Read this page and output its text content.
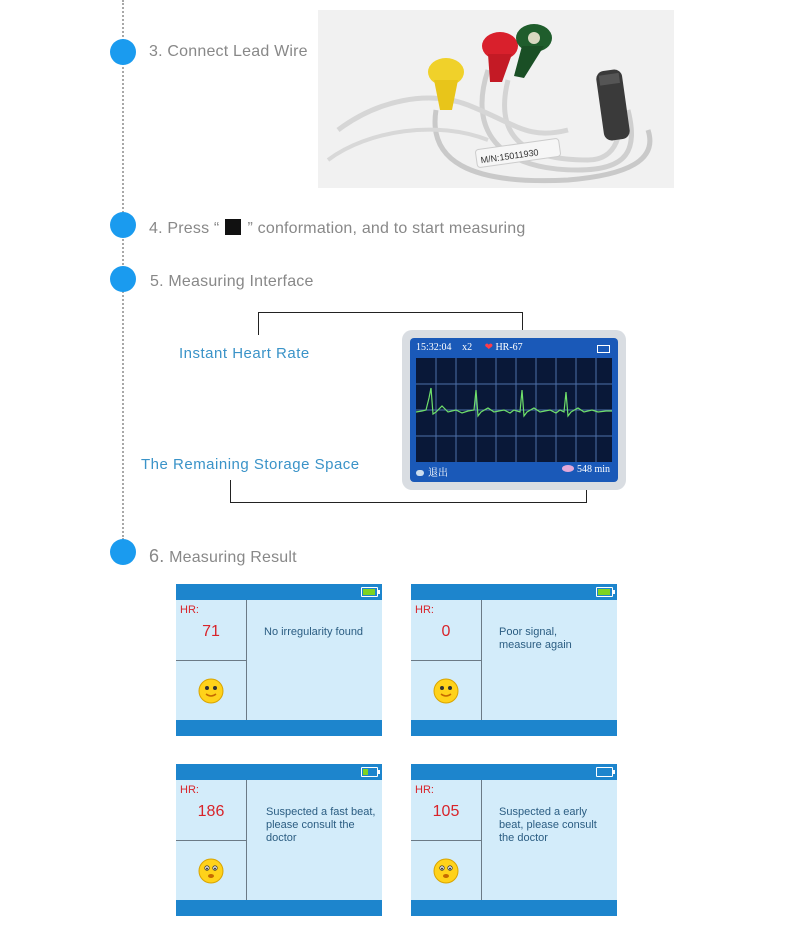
3. Connect Lead Wire
M/N:15011930
4. Press “ ” conformation, and to start measuring
5. Measuring Interface
Instant Heart Rate
The Remaining Storage Space
15:32:04 x2 ❤ HR-67
退出	548 min
6. Measuring Result
HR:
71	No irregularity found
HR:
0	Poor signal, measure again
HR:
186	Suspected a fast beat, please consult the doctor
HR:
105	Suspected a early beat, please consult the doctor
